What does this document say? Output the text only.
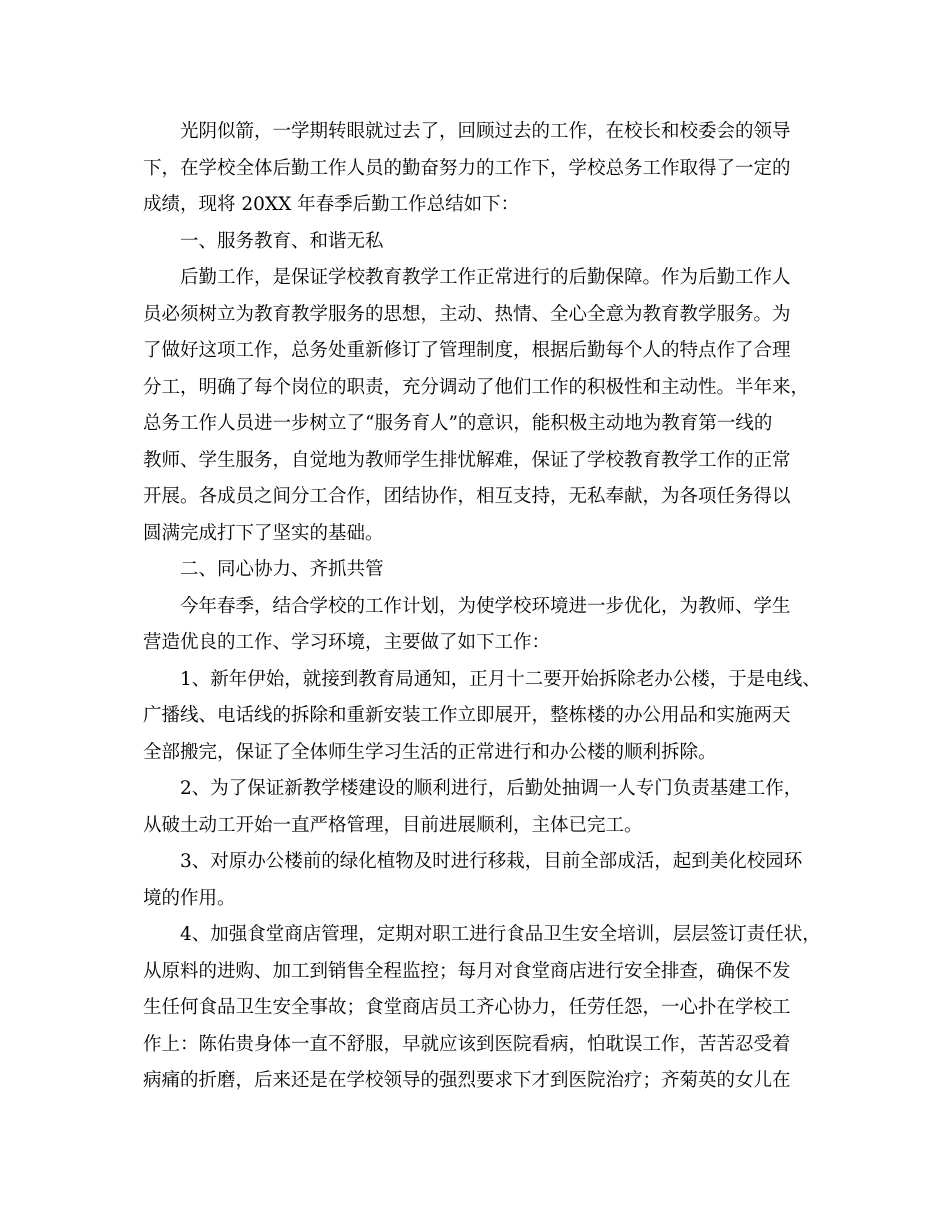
光阴似箭，一学期转眼就过去了，回顾过去的工作，在校长和校委会的领导
下，在学校全体后勤工作人员的勤奋努力的工作下，学校总务工作取得了一定的
成绩，现将 20XX 年春季后勤工作总结如下：
一、服务教育、和谐无私
后勤工作，是保证学校教育教学工作正常进行的后勤保障。作为后勤工作人
员必须树立为教育教学服务的思想，主动、热情、全心全意为教育教学服务。为
了做好这项工作，总务处重新修订了管理制度，根据后勤每个人的特点作了合理
分工，明确了每个岗位的职责，充分调动了他们工作的积极性和主动性。半年来，
总务工作人员进一步树立了“服务育人”的意识，能积极主动地为教育第一线的
教师、学生服务，自觉地为教师学生排忧解难，保证了学校教育教学工作的正常
开展。各成员之间分工合作，团结协作，相互支持，无私奉献，为各项任务得以
圆满完成打下了坚实的基础。
二、同心协力、齐抓共管
今年春季，结合学校的工作计划，为使学校环境进一步优化，为教师、学生
营造优良的工作、学习环境，主要做了如下工作：
1、新年伊始，就接到教育局通知，正月十二要开始拆除老办公楼，于是电线、
广播线、电话线的拆除和重新安装工作立即展开，整栋楼的办公用品和实施两天
全部搬完，保证了全体师生学习生活的正常进行和办公楼的顺利拆除。
2、为了保证新教学楼建设的顺利进行，后勤处抽调一人专门负责基建工作，
从破土动工开始一直严格管理，目前进展顺利，主体已完工。
3、对原办公楼前的绿化植物及时进行移栽，目前全部成活，起到美化校园环
境的作用。
4、加强食堂商店管理，定期对职工进行食品卫生安全培训，层层签订责任状，
从原料的进购、加工到销售全程监控；每月对食堂商店进行安全排查，确保不发
生任何食品卫生安全事故；食堂商店员工齐心协力，任劳任怨，一心扑在学校工
作上：陈佑贵身体一直不舒服，早就应该到医院看病，怕耽误工作，苦苦忍受着
病痛的折磨，后来还是在学校领导的强烈要求下才到医院治疗；齐菊英的女儿在
